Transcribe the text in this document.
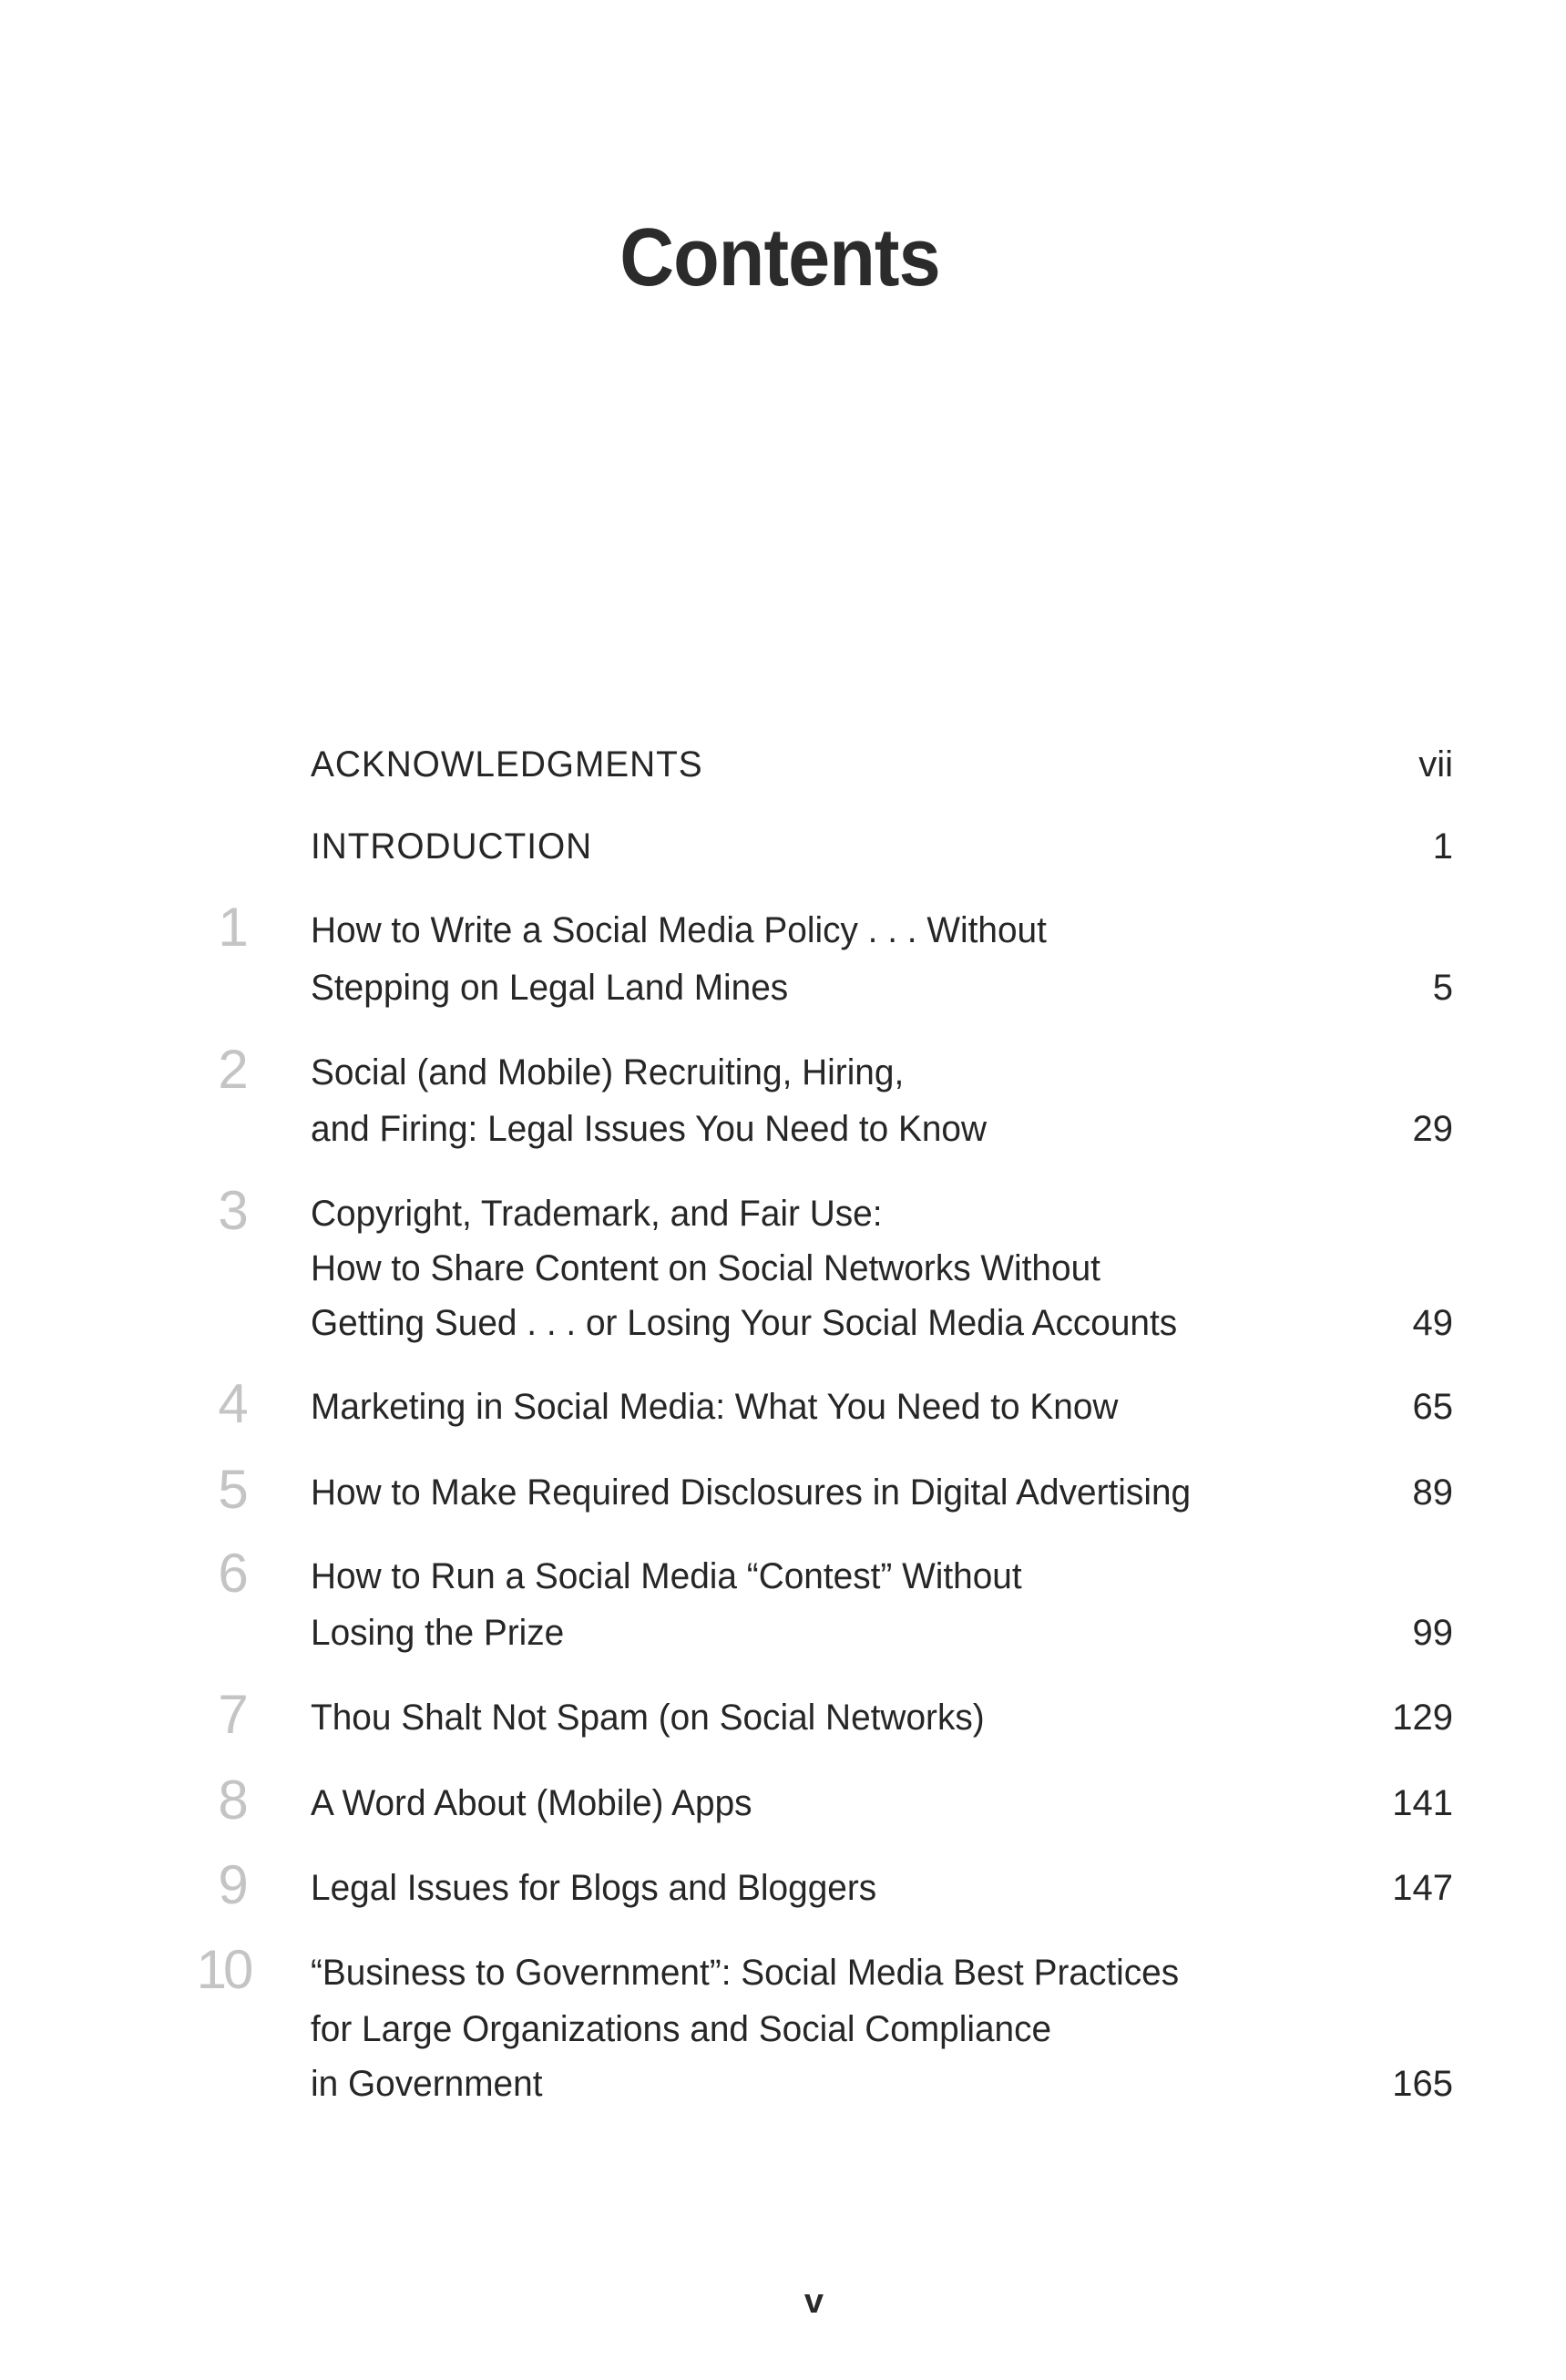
Contents
ACKNOWLEDGMENTS	vii
INTRODUCTION	1
1	How to Write a Social Media Policy . . . Without
Stepping on Legal Land Mines	5
2	Social (and Mobile) Recruiting, Hiring,
and Firing: Legal Issues You Need to Know	29
3	Copyright, Trademark, and Fair Use:
How to Share Content on Social Networks Without
Getting Sued . . . or Losing Your Social Media Accounts	49
4	Marketing in Social Media: What You Need to Know	65
5	How to Make Required Disclosures in Digital Advertising	89
6	How to Run a Social Media “Contest” Without
Losing the Prize	99
7	Thou Shalt Not Spam (on Social Networks)	129
8	A Word About (Mobile) Apps	141
9	Legal Issues for Blogs and Bloggers	147
10 “Business to Government”: Social Media Best Practices
for Large Organizations and Social Compliance
in Government	165
v
